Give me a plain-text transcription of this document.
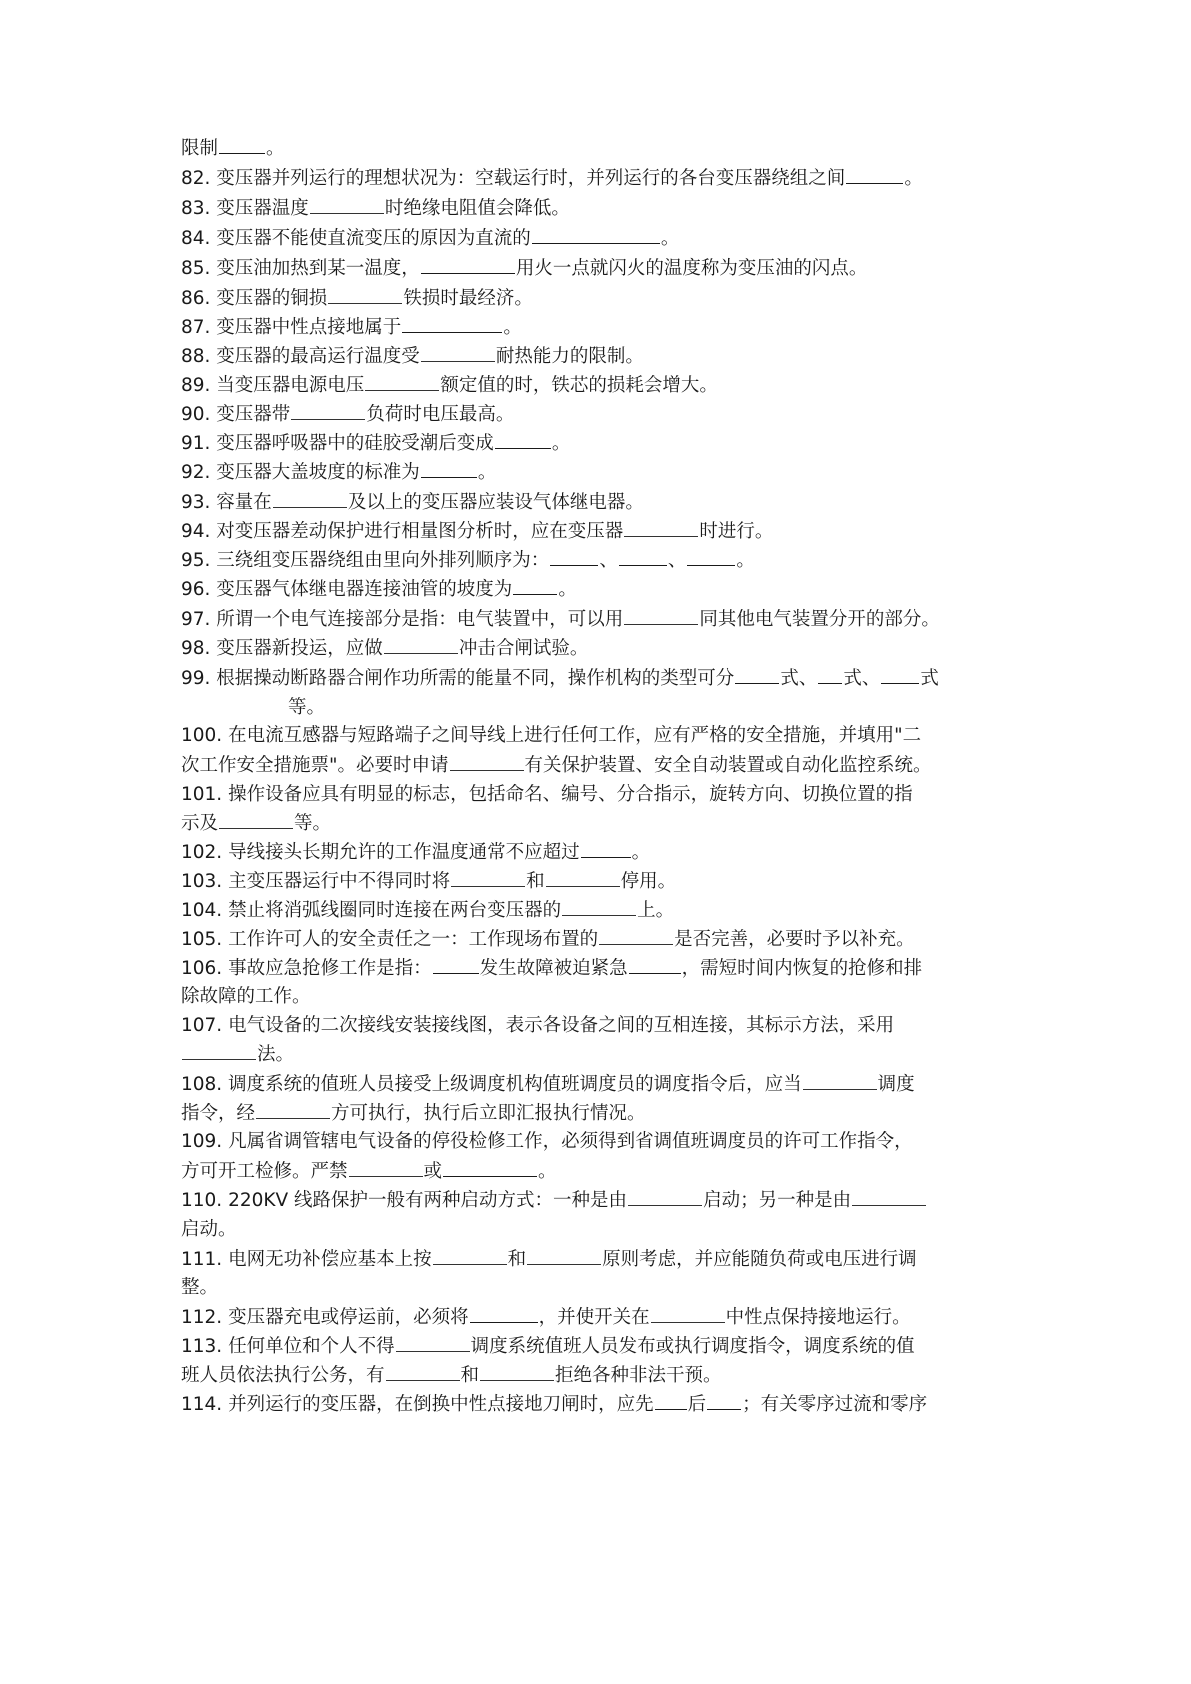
限制	。
82. 变压器并列运行的理想状况为：空载运行时，并列运行的各台变压器绕组之间	。
83. 变压器温度	时绝缘电阻值会降低。
84. 变压器不能使直流变压的原因为直流的	。
85. 变压油加热到某一温度，	用火一点就闪火的温度称为变压油的闪点。
86. 变压器的铜损	铁损时最经济。
87. 变压器中性点接地属于	。
88. 变压器的最高运行温度受	耐热能力的限制。
89. 当变压器电源电压	额定值的时，铁芯的损耗会增大。
90. 变压器带	负荷时电压最高。
91. 变压器呼吸器中的硅胶受潮后变成	。
92. 变压器大盖坡度的标准为	。
93. 容量在	及以上的变压器应装设气体继电器。
94. 对变压器差动保护进行相量图分析时，应在变压器	时进行。
95. 三绕组变压器绕组由里向外排列顺序为：	、	、	。
96. 变压器气体继电器连接油管的坡度为 。
97. 所谓一个电气连接部分是指：电气装置中，可以用	同其他电气装置分开的部分。
98. 变压器新投运，应做	冲击合闸试验。
99. 根据操动断路器合闸作功所需的能量不同，操作机构的类型可分 式、 式、 式
等。
100. 在电流互感器与短路端子之间导线上进行任何工作，应有严格的安全措施，并填用"二
次工作安全措施票"。必要时申请	有关保护装置、安全自动装置或自动化监控系统。
101. 操作设备应具有明显的标志，包括命名、编号、分合指示，旋转方向、切换位置的指
示及	等。
102. 导线接头长期允许的工作温度通常不应超过	。
103. 主变压器运行中不得同时将	和	停用。
104. 禁止将消弧线圈同时连接在两台变压器的	上。
105. 工作许可人的安全责任之一：工作现场布置的	是否完善，必要时予以补充。
106. 事故应急抢修工作是指：	发生故障被迫紧急	，需短时间内恢复的抢修和排
除故障的工作。
107. 电气设备的二次接线安装接线图，表示各设备之间的互相连接，其标示方法，采用
法。
108. 调度系统的值班人员接受上级调度机构值班调度员的调度指令后，应当	调度
指令，经	方可执行，执行后立即汇报执行情况。
109. 凡属省调管辖电气设备的停役检修工作，必须得到省调值班调度员的许可工作指令，
方可开工检修。严禁	或	。
110. 220KV 线路保护一般有两种启动方式：一种是由	启动；另一种是由
启动。
111. 电网无功补偿应基本上按	和	原则考虑，并应能随负荷或电压进行调
整。
112. 变压器充电或停运前，必须将	，并使开关在	中性点保持接地运行。
113. 任何单位和个人不得	调度系统值班人员发布或执行调度指令，调度系统的值
班人员依法执行公务，有	和	拒绝各种非法干预。
114. 并列运行的变压器，在倒换中性点接地刀闸时，应先 后 ；有关零序过流和零序
